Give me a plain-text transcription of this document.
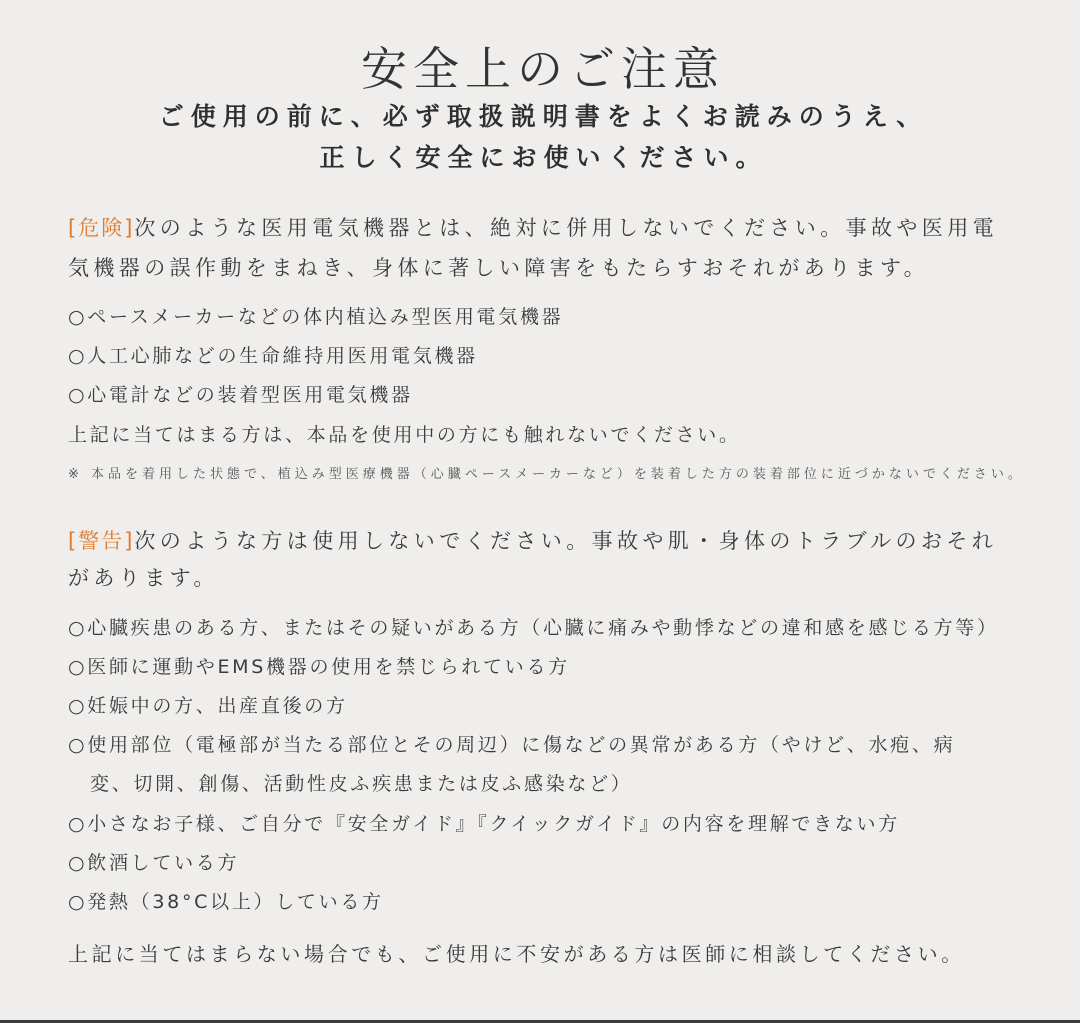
安全上のご注意
ご使用の前に、必ず取扱説明書をよくお読みのうえ、
正しく安全にお使いください。
[危険]次のような医用電気機器とは、絶対に併用しないでください。事故や医用電
気機器の誤作動をまねき、身体に著しい障害をもたらすおそれがあります。
○ペースメーカーなどの体内植込み型医用電気機器
○人工心肺などの生命維持用医用電気機器
○心電計などの装着型医用電気機器
上記に当てはまる方は、本品を使用中の方にも触れないでください。
※ 本品を着用した状態で、植込み型医療機器（心臓ペースメーカーなど）を装着した方の装着部位に近づかないでください。
[警告]次のような方は使用しないでください。事故や肌・身体のトラブルのおそれ
があります。
○心臓疾患のある方、またはその疑いがある方（心臓に痛みや動悸などの違和感を感じる方等）
○医師に運動やEMS機器の使用を禁じられている方
○妊娠中の方、出産直後の方
○使用部位（電極部が当たる部位とその周辺）に傷などの異常がある方（やけど、水疱、病
変、切開、創傷、活動性皮ふ疾患または皮ふ感染など）
○小さなお子様、ご自分で『安全ガイド』『クイックガイド』の内容を理解できない方
○飲酒している方
○発熱（38°C以上）している方
上記に当てはまらない場合でも、ご使用に不安がある方は医師に相談してください。
